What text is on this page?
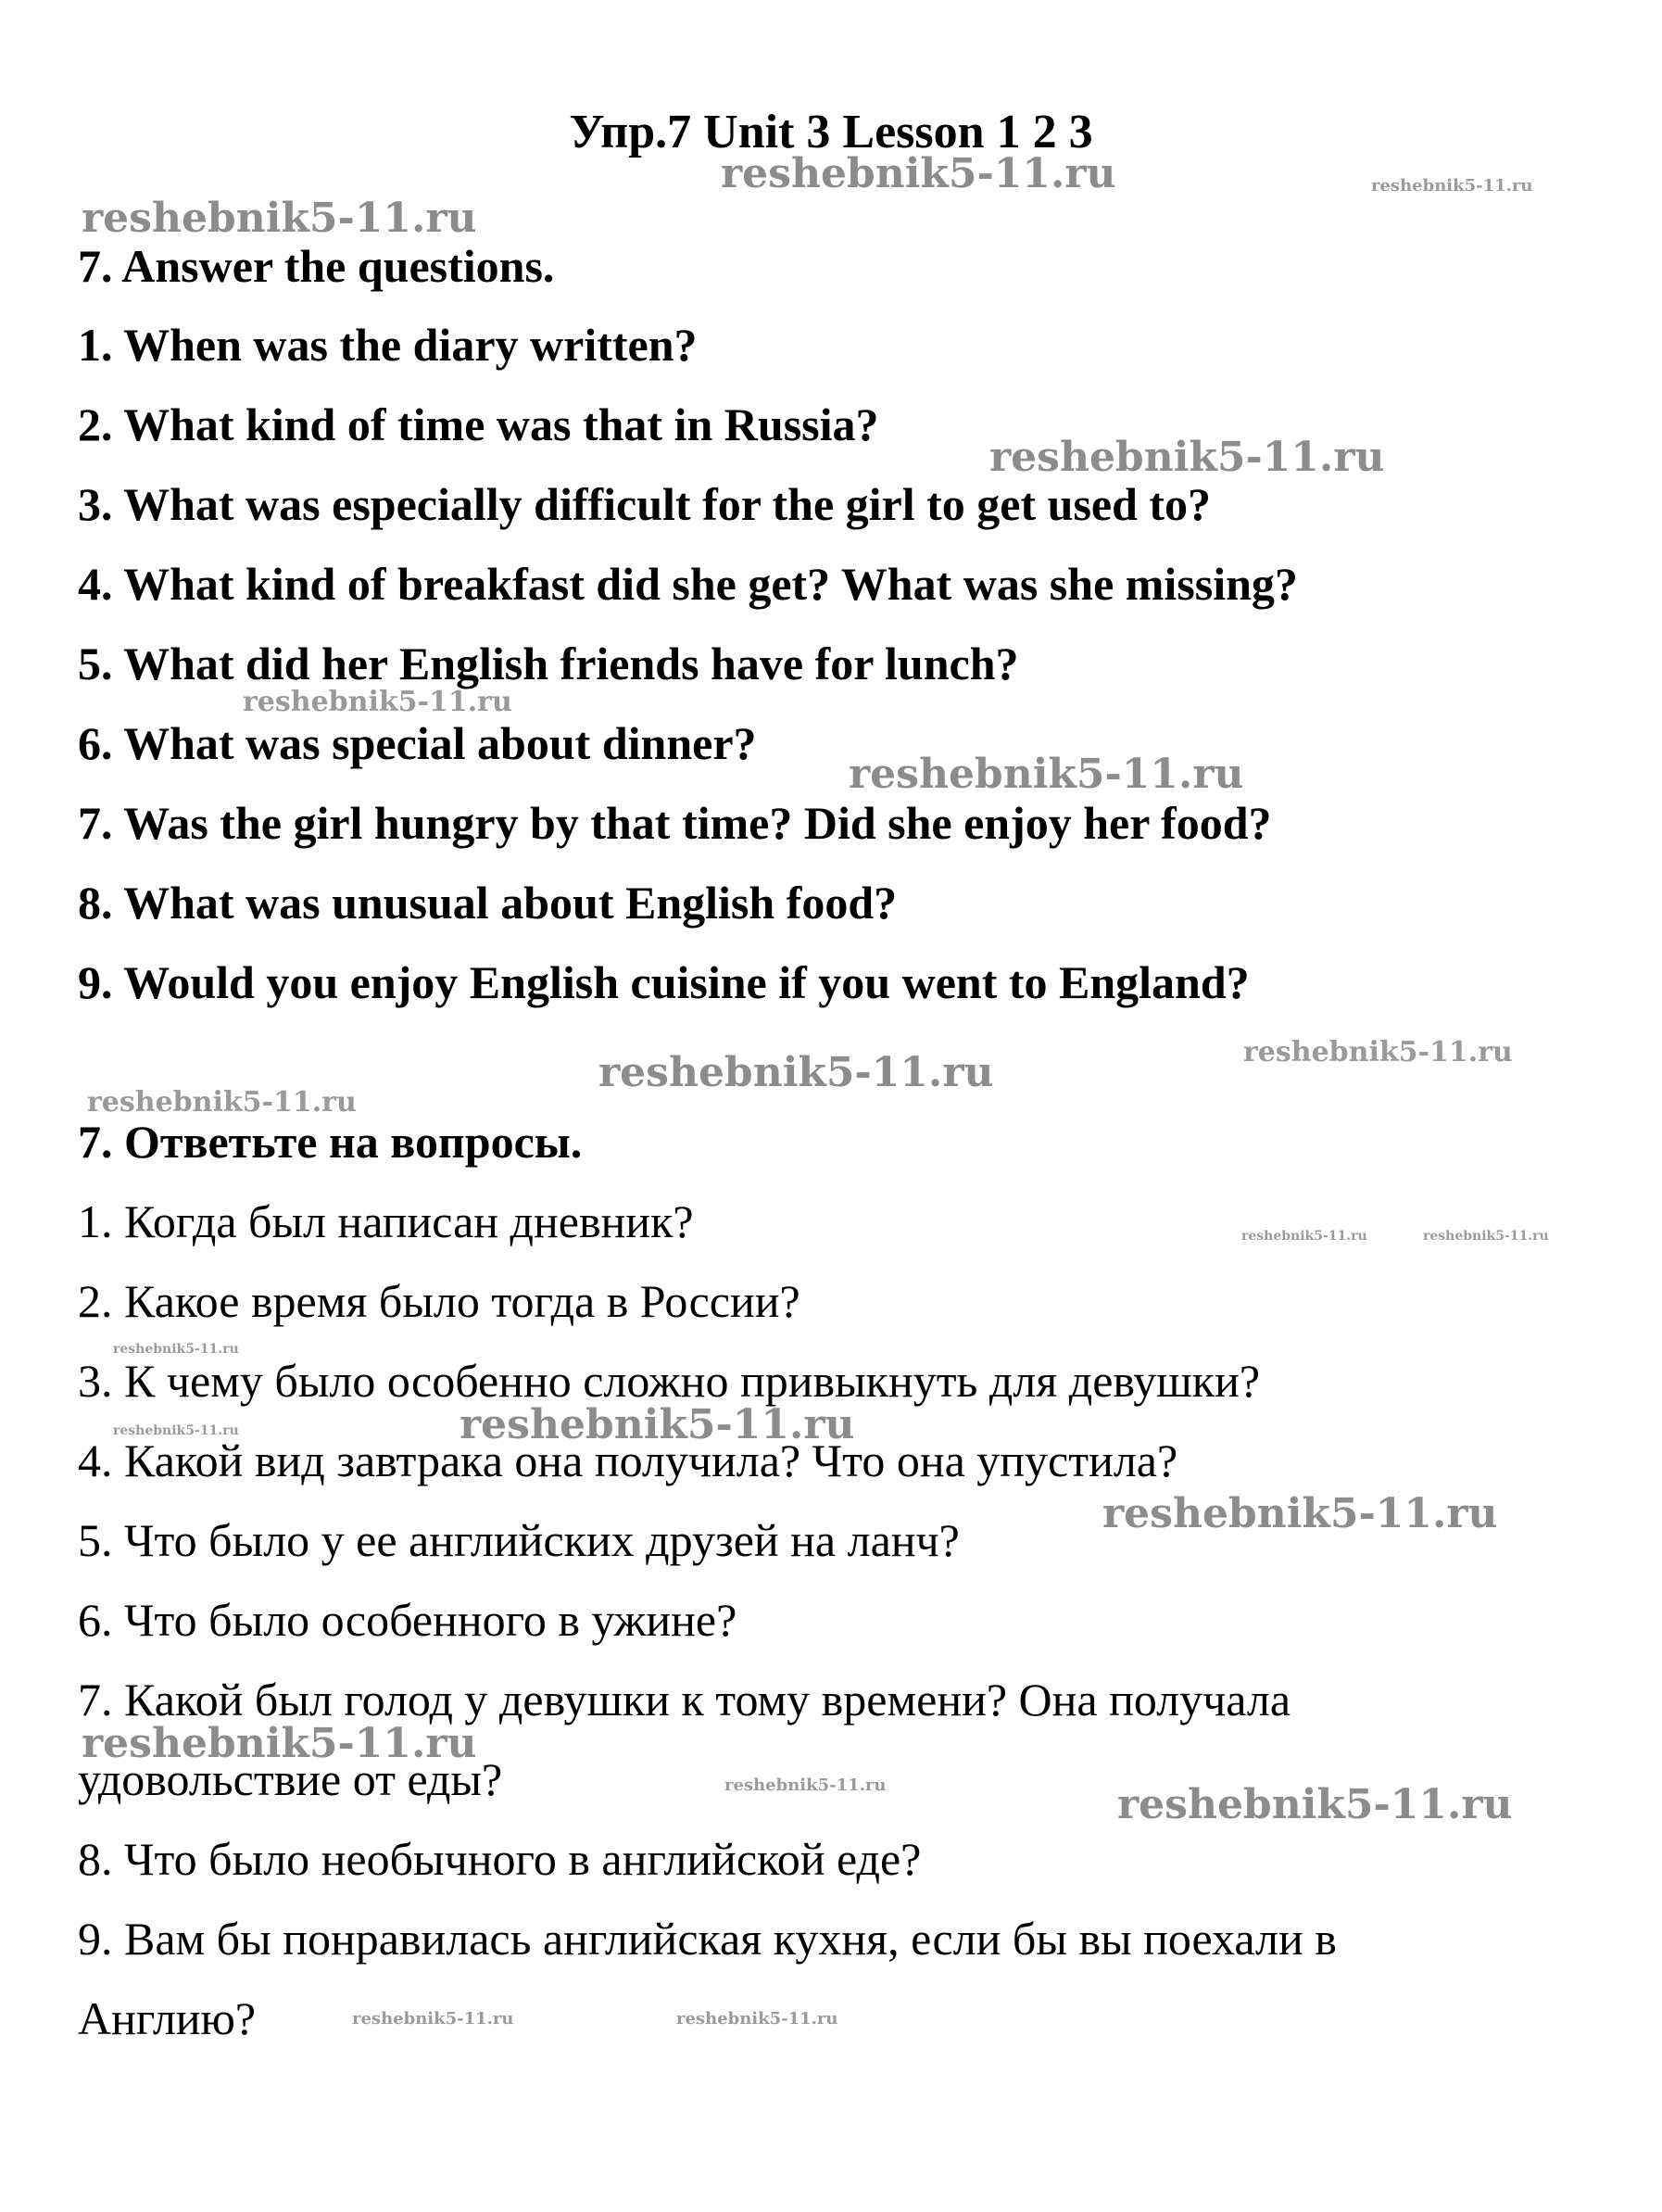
Упр.7 Unit 3 Lesson 1 2 3
7. Answer the questions.
1. When was the diary written?
2. What kind of time was that in Russia?
3. What was especially difficult for the girl to get used to?
4. What kind of breakfast did she get? What was she missing?
5. What did her English friends have for lunch?
6. What was special about dinner?
7. Was the girl hungry by that time? Did she enjoy her food?
8. What was unusual about English food?
9. Would you enjoy English cuisine if you went to England?
7. Ответьте на вопросы.
1. Когда был написан дневник?
2. Какое время было тогда в России?
3. К чему было особенно сложно привыкнуть для девушки?
4. Какой вид завтрака она получила? Что она упустила?
5. Что было у ее английских друзей на ланч?
6. Что было особенного в ужине?
7. Какой был голод у девушки к тому времени? Она получала
удовольствие от еды?
8. Что было необычного в английской еде?
9. Вам бы понравилась английская кухня, если бы вы поехали в
Англию?
reshebnik5-11.ru	reshebnik5-11.ru
reshebnik5-11.ru
reshebnik5-11.ru
reshebnik5-11.ru
reshebnik5-11.ru
reshebnik5-11.ru
reshebnik5-11.ru
reshebnik5-11.ru
reshebnik5-11.ru	reshebnik5-11.ru
reshebnik5-11.ru
reshebnik5-11.ru	reshebnik5-11.ru
reshebnik5-11.ru
reshebnik5-11.ru
reshebnik5-11.ru	reshebnik5-11.ru
reshebnik5-11.ru	reshebnik5-11.ru
